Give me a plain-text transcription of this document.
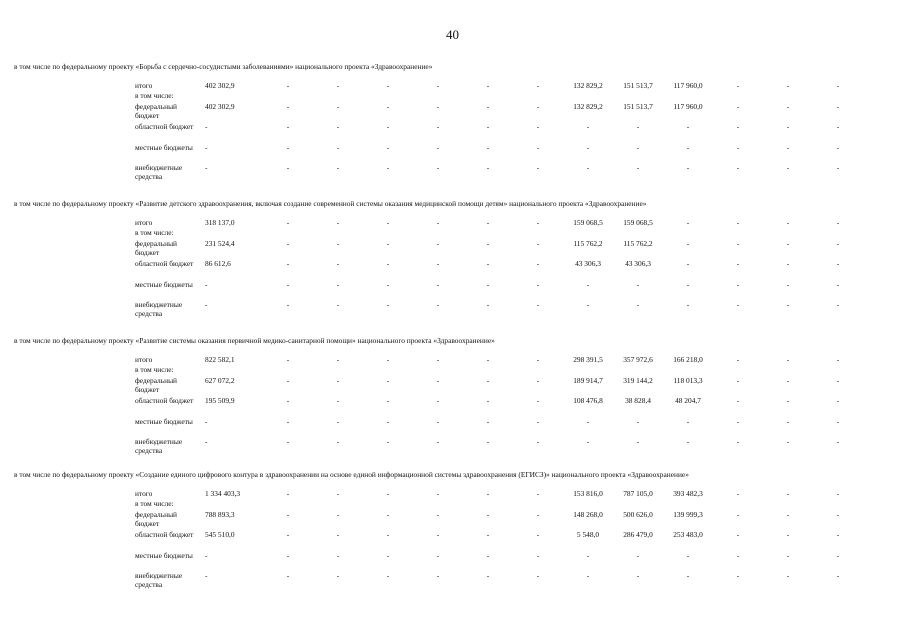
40
в том числе по федеральному проекту «Борьба с сердечно-сосудистыми заболеваниями» национального проекта «Здравоохранение»
итого	402 302,9	-	-	-	-	-	-	132 829,2	151 513,7	117 960,0	-	-	-

в том числе:													

федеральный бюджет	402 302,9	-	-	-	-	-	-	132 829,2	151 513,7	117 960,0	-	-	-
областной бюджет	-	-	-	-	-	-	-	-	-	-	-	-	-
местные бюджеты	-	-	-	-	-	-	-	-	-	-	-	-	-
внебюджетные средства	-	-	-	-	-	-	-	-	-	-	-	-	-
в том числе по федеральному проекту «Развитие детского здравоохранения, включая создание современной системы оказания медицинской помощи детям» национального проекта «Здравоохранение»
итого	318 137,0	-	-	-	-	-	-	159 068,5	159 068,5	-	-	-	-

в том числе:													

федеральный бюджет	231 524,4	-	-	-	-	-	-	115 762,2	115 762,2	-	-	-	-
областной бюджет	86 612,6	-	-	-	-	-	-	43 306,3	43 306,3	-	-	-	-
местные бюджеты	-	-	-	-	-	-	-	-	-	-	-	-	-
внебюджетные средства	-	-	-	-	-	-	-	-	-	-	-	-	-
в том числе по федеральному проекту «Развитие системы оказания первичной медико-санитарной помощи» национального проекта «Здравоохранение»
итого	822 582,1	-	-	-	-	-	-	298 391,5	357 972,6	166 218,0	-	-	-

в том числе:													

федеральный бюджет	627 072,2	-	-	-	-	-	-	189 914,7	319 144,2	118 013,3	-	-	-
областной бюджет	195 509,9	-	-	-	-	-	-	108 476,8	38 828,4	48 204,7	-	-	-
местные бюджеты	-	-	-	-	-	-	-	-	-	-	-	-	-
внебюджетные средства	-	-	-	-	-	-	-	-	-	-	-	-	-
в том числе по федеральному проекту «Создание единого цифрового контура в здравоохранении на основе единой информационной системы здравоохранения (ЕГИСЗ)» национального проекта «Здравоохранение»
итого	1 334 403,3	-	-	-	-	-	-	153 816,0	787 105,0	393 482,3	-	-	-

в том числе:													

федеральный бюджет	788 893,3	-	-	-	-	-	-	148 268,0	500 626,0	139 999,3	-	-	-
областной бюджет	545 510,0	-	-	-	-	-	-	5 548,0	286 479,0	253 483,0	-	-	-
местные бюджеты	-	-	-	-	-	-	-	-	-	-	-	-	-
внебюджетные средства	-	-	-	-	-	-	-	-	-	-	-	-	-
